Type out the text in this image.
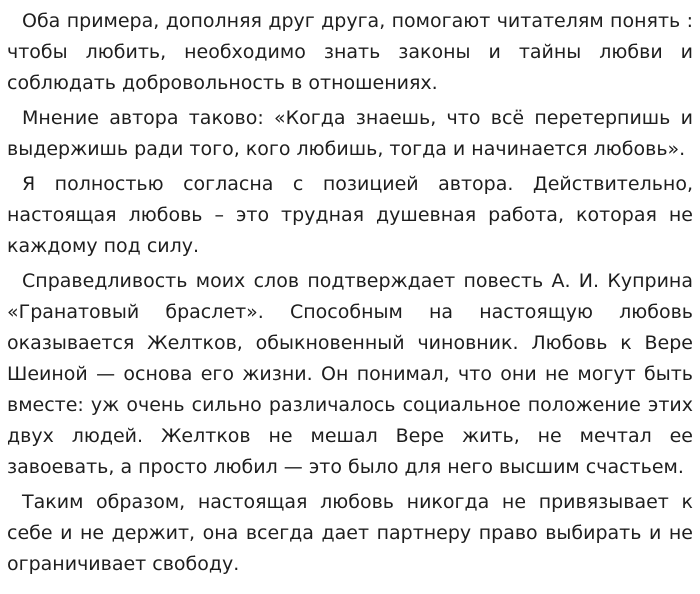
Оба примера, дополняя друг друга, помогают читателям понять : чтобы любить, необходимо знать законы и тайны любви и соблюдать добровольность в отношениях.

Мнение автора таково: «Когда знаешь, что всё перетерпишь и выдержишь ради того, кого любишь, тогда и начинается любовь».

Я полностью согласна с позицией автора. Действительно, настоящая любовь – это трудная душевная работа, которая не каждому под силу.

Справедливость моих слов подтверждает повесть А. И. Куприна «Гранатовый браслет». Способным на настоящую любовь оказывается Желтков, обыкновенный чиновник. Любовь к Вере Шеиной — основа его жизни. Он понимал, что они не могут быть вместе: уж очень сильно различалось социальное положение этих двух людей. Желтков не мешал Вере жить, не мечтал ее завоевать, а просто любил — это было для него высшим счастьем.

Таким образом, настоящая любовь никогда не привязывает к себе и не держит, она всегда дает партнеру право выбирать и не ограничивает свободу.
